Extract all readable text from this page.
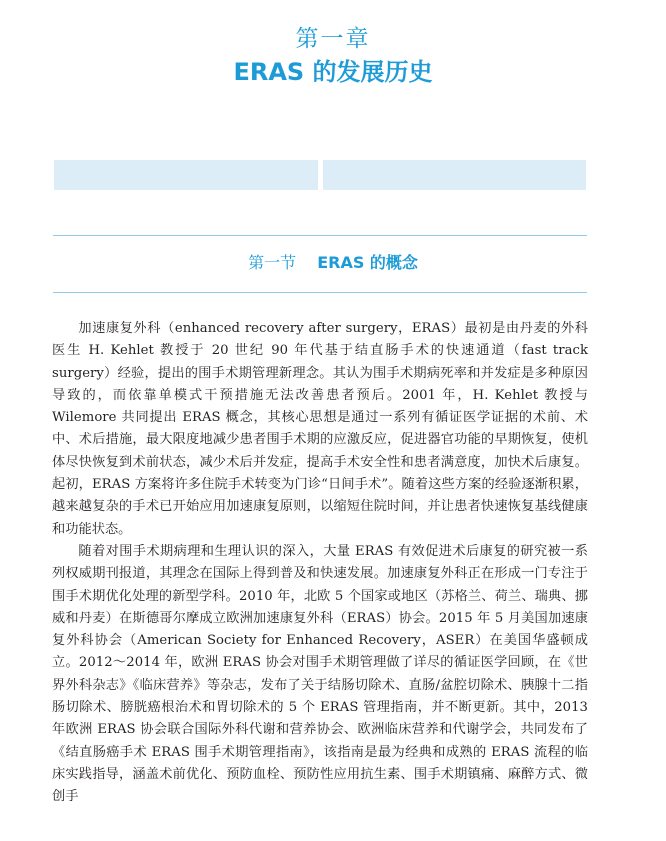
第一章
ERAS 的发展历史
第一节 ERAS 的概念

加速康复外科（enhanced recovery after surgery，ERAS）最初是由丹麦的外科医生 H. Kehlet 教授于 20 世纪 90 年代基于结直肠手术的快速通道（fast track surgery）经验，提出的围手术期管理新理念。其认为围手术期病死率和并发症是多种原因导致的，而依靠单模式干预措施无法改善患者预后。2001 年，H. Kehlet 教授与 Wilemore 共同提出 ERAS 概念，其核心思想是通过一系列有循证医学证据的术前、术中、术后措施，最大限度地减少患者围手术期的应激反应，促进器官功能的早期恢复，使机体尽快恢复到术前状态，减少术后并发症，提高手术安全性和患者满意度，加快术后康复。起初，ERAS 方案将许多住院手术转变为门诊“日间手术”。随着这些方案的经验逐渐积累，越来越复杂的手术已开始应用加速康复原则，以缩短住院时间，并让患者快速恢复基线健康和功能状态。

随着对围手术期病理和生理认识的深入，大量 ERAS 有效促进术后康复的研究被一系列权威期刊报道，其理念在国际上得到普及和快速发展。加速康复外科正在形成一门专注于围手术期优化处理的新型学科。2010 年，北欧 5 个国家或地区（苏格兰、荷兰、瑞典、挪威和丹麦）在斯德哥尔摩成立欧洲加速康复外科（ERAS）协会。2015 年 5 月美国加速康复外科协会（American Society for Enhanced Recovery，ASER）在美国华盛顿成立。2012～2014 年，欧洲 ERAS 协会对围手术期管理做了详尽的循证医学回顾，在《世界外科杂志》《临床营养》等杂志，发布了关于结肠切除术、直肠/盆腔切除术、胰腺十二指肠切除术、膀胱癌根治术和胃切除术的 5 个 ERAS 管理指南，并不断更新。其中，2013 年欧洲 ERAS 协会联合国际外科代谢和营养协会、欧洲临床营养和代谢学会，共同发布了《结直肠癌手术 ERAS 围手术期管理指南》，该指南是最为经典和成熟的 ERAS 流程的临床实践指导，涵盖术前优化、预防血栓、预防性应用抗生素、围手术期镇痛、麻醉方式、微创手
